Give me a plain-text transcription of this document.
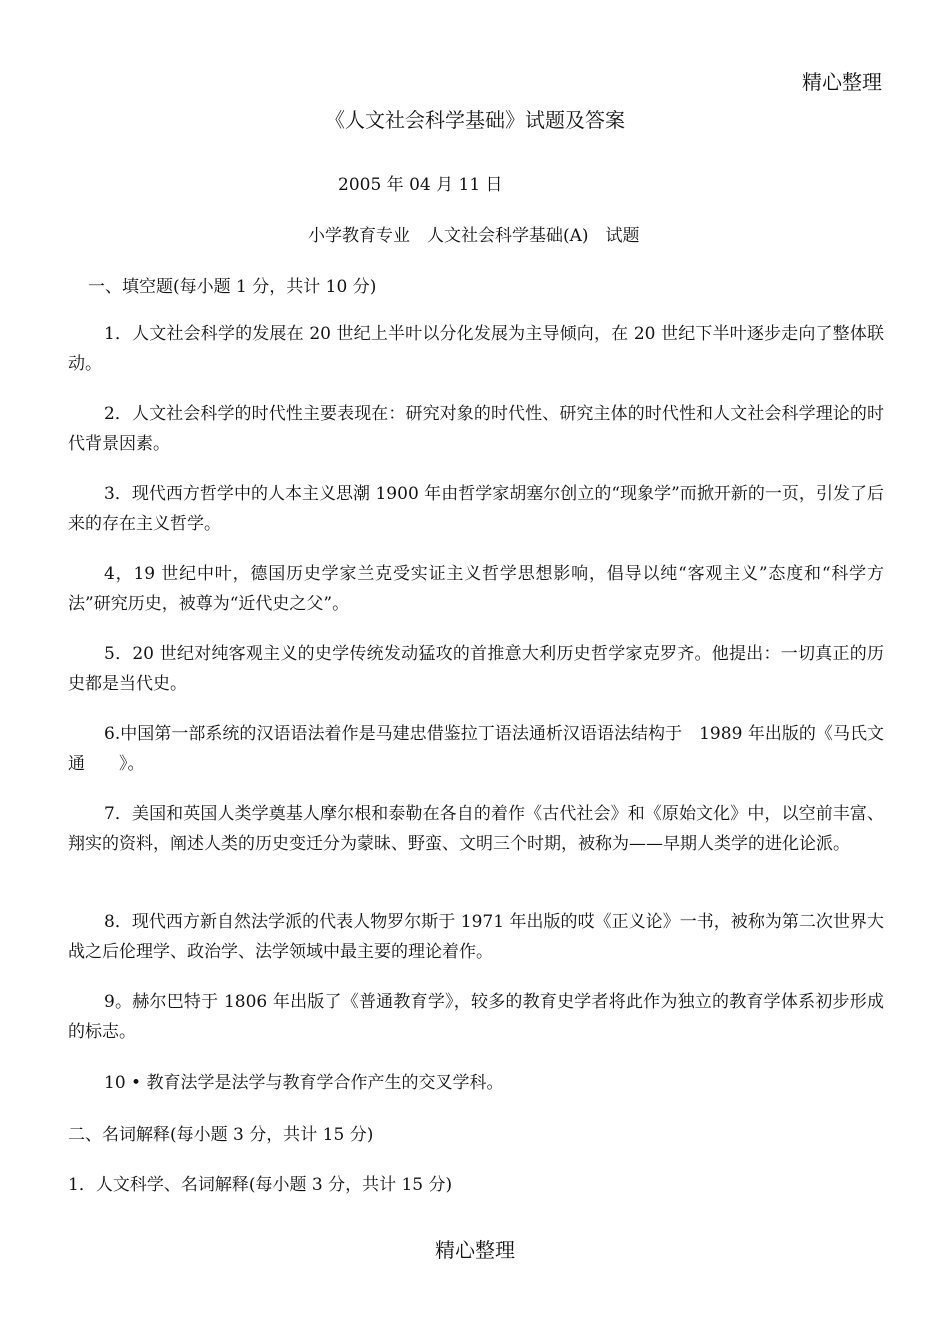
精心整理
《人文社会科学基础》试题及答案
2005 年 04 月 11 日
小学教育专业　人文社会科学基础(A)　试题
一、填空题(每小题 1 分，共计 10 分)
1．人文社会科学的发展在 20 世纪上半叶以分化发展为主导倾向，在 20 世纪下半叶逐步走向了整体联动。
2．人文社会科学的时代性主要表现在：研究对象的时代性、研究主体的时代性和人文社会科学理论的时代背景因素。
3．现代西方哲学中的人本主义思潮 1900 年由哲学家胡塞尔创立的“现象学”而掀开新的一页，引发了后来的存在主义哲学。
4，19 世纪中叶，德国历史学家兰克受实证主义哲学思想影响，倡导以纯“客观主义”态度和“科学方法”研究历史，被尊为“近代史之父”。
5．20 世纪对纯客观主义的史学传统发动猛攻的首推意大利历史哲学家克罗齐。他提出：一切真正的历史都是当代史。
6.中国第一部系统的汉语语法着作是马建忠借鉴拉丁语法通析汉语语法结构于　1989 年出版的《马氏文通　　》。
7．美国和英国人类学奠基人摩尔根和泰勒在各自的着作《古代社会》和《原始文化》中，以空前丰富、翔实的资料，阐述人类的历史变迁分为蒙昧、野蛮、文明三个时期，被称为——早期人类学的进化论派。
8．现代西方新自然法学派的代表人物罗尔斯于 1971 年出版的哎《正义论》一书，被称为第二次世界大战之后伦理学、政治学、法学领域中最主要的理论着作。
9。赫尔巴特于 1806 年出版了《普通教育学》，较多的教育史学者将此作为独立的教育学体系初步形成的标志。
10 • 教育法学是法学与教育学合作产生的交叉学科。
二、名词解释(每小题 3 分，共计 15 分)
1．人文科学、名词解释(每小题 3 分，共计 15 分)
精心整理
